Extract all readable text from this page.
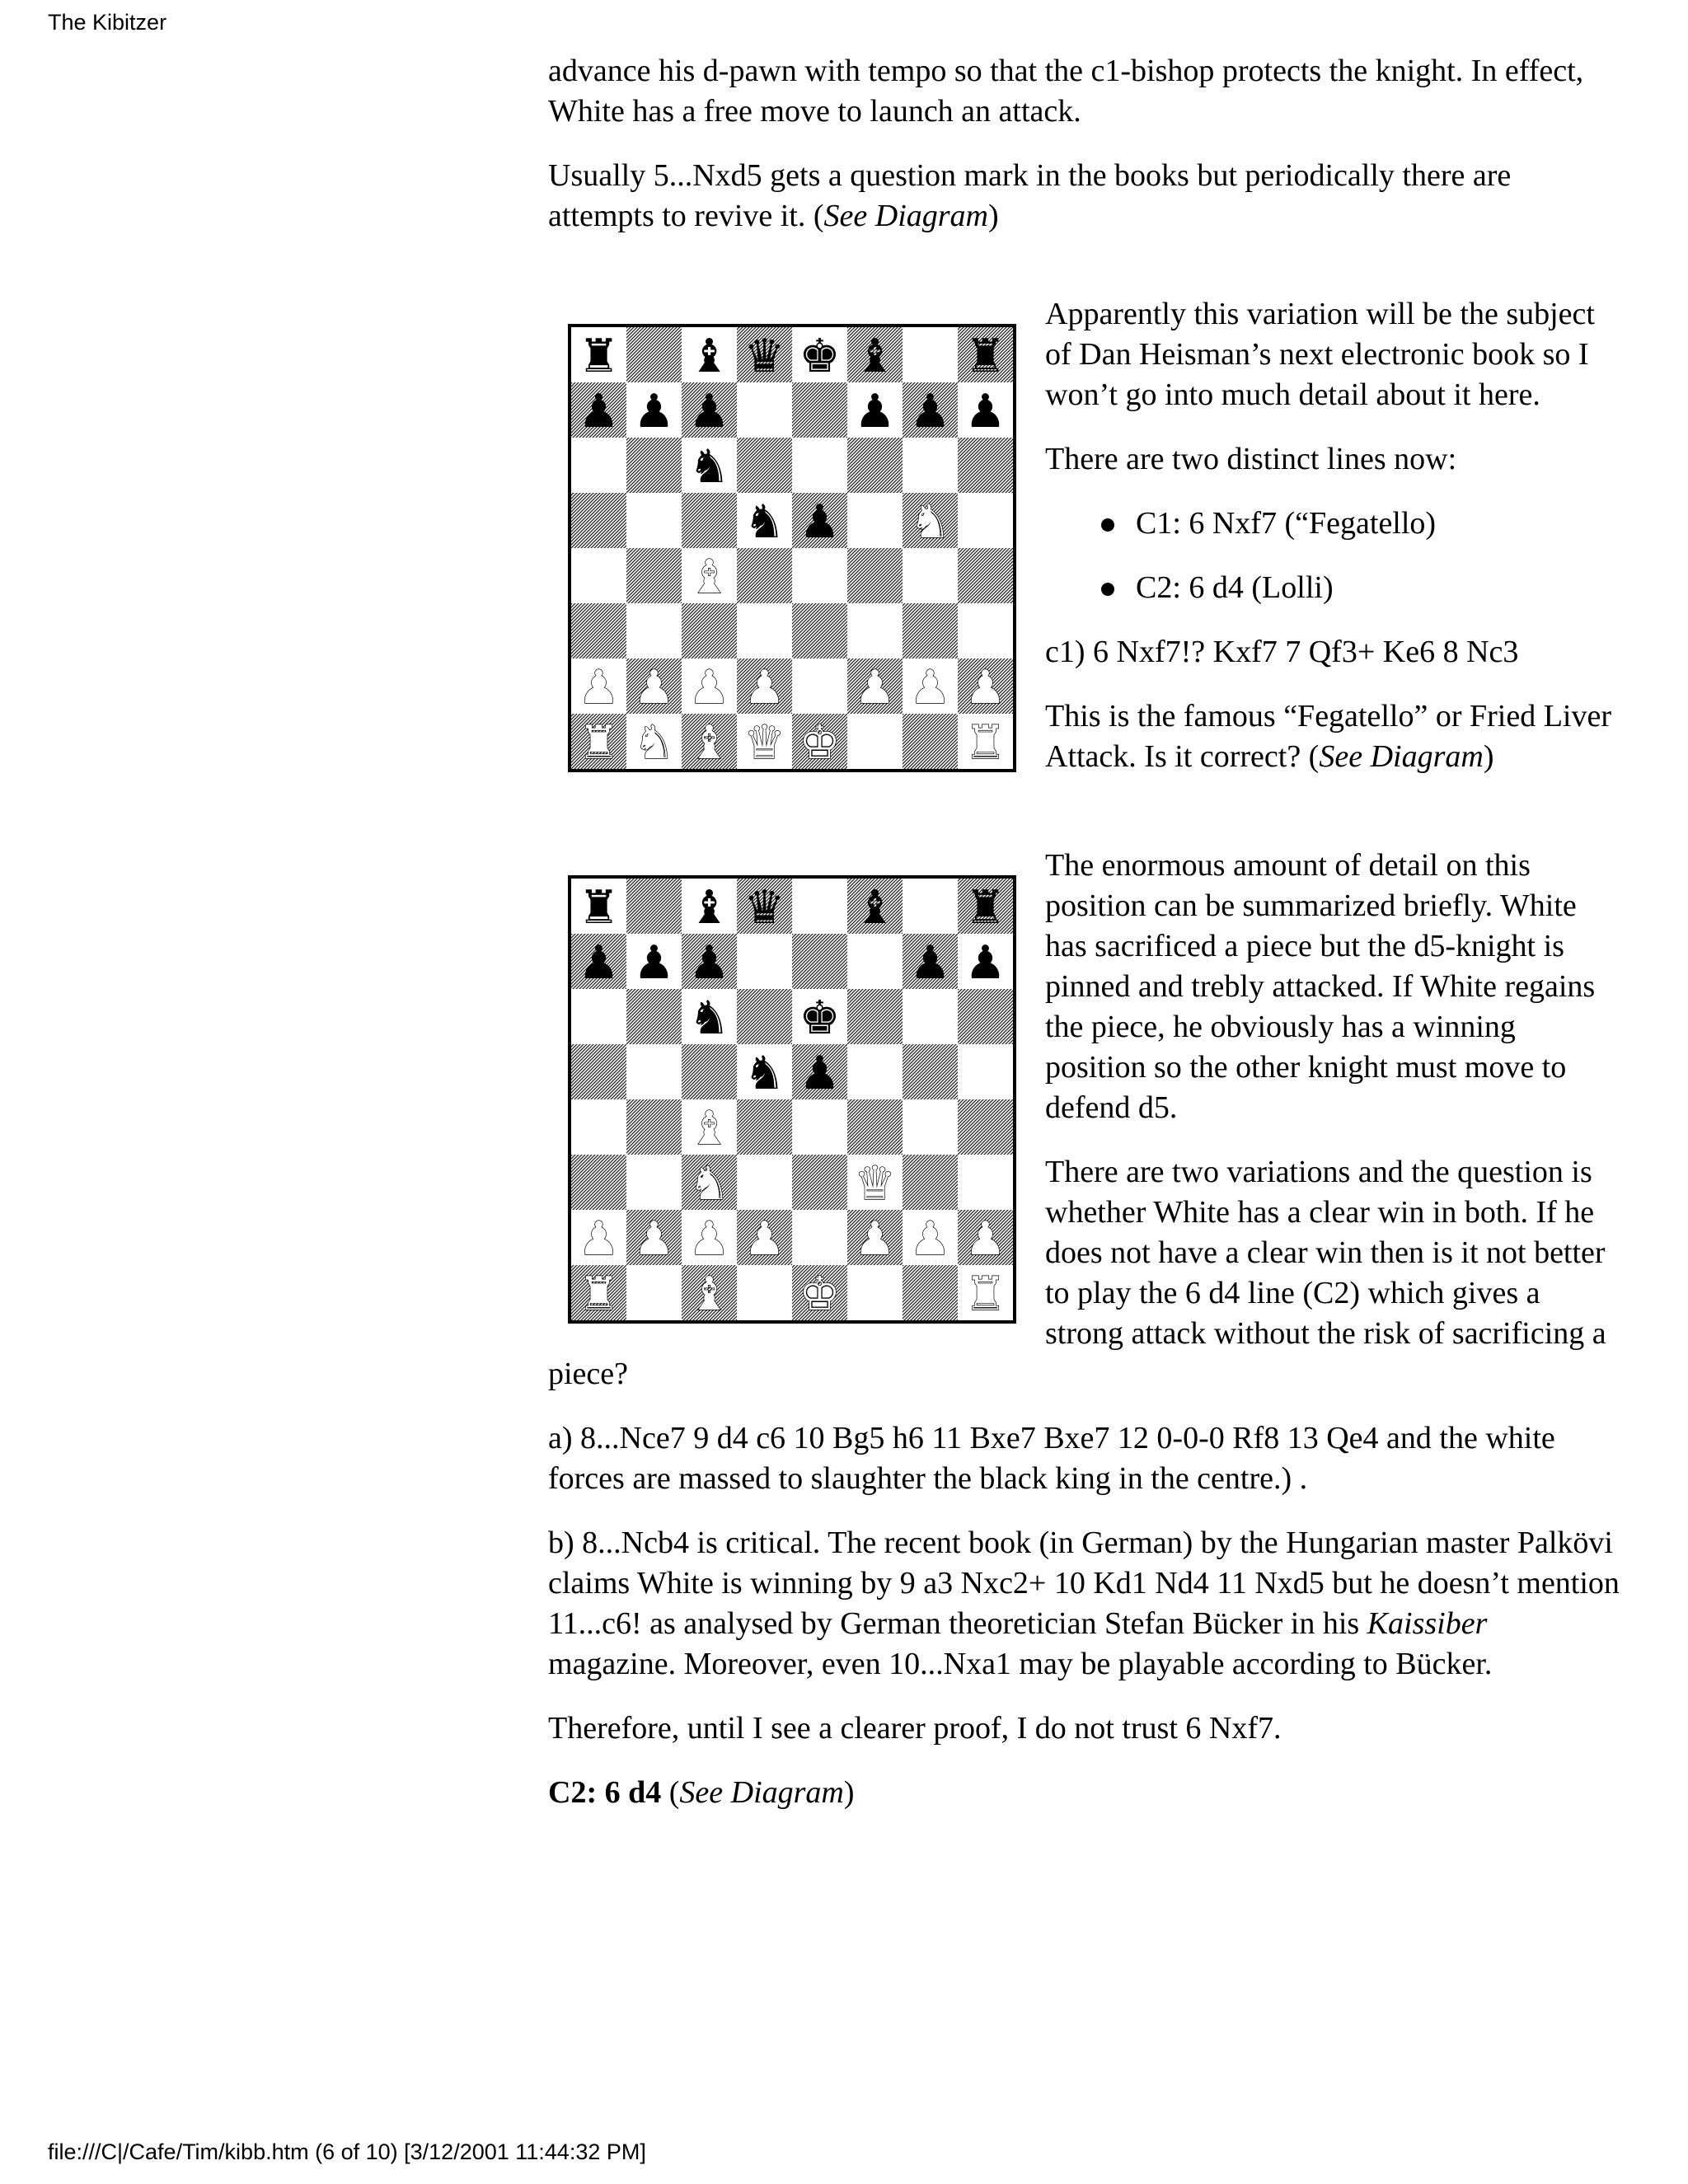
The Kibitzer

advance his d-pawn with tempo so that the c1-bishop protects the knight. In effect, White has a free move to launch an attack.

Usually 5...Nxd5 gets a question mark in the books but periodically there are attempts to revive it. (See Diagram)

♜ ♝ ♛ ♚ ♝ ♜
♟ ♟ ♟	♟ ♟ ♟
♞
♞ ♟ ♞
♝
♟ ♟ ♟ ♟ ♟ ♟ ♟
♜ ♞ ♝ ♛ ♚	♜

Apparently this variation will be the subject of Dan Heisman’s next electronic book so I won’t go into much detail about it here.

There are two distinct lines now:

C1: 6 Nxf7 (“Fegatello)
C2: 6 d4 (Lolli)

c1) 6 Nxf7!? Kxf7 7 Qf3+ Ke6 8 Nc3

This is the famous “Fegatello” or Fried Liver Attack. Is it correct? (See Diagram)

♜ ♝ ♛ ♝ ♜
♟ ♟ ♟	♟ ♟
♞ ♚
♞ ♟
♝
♞	♛
♟ ♟ ♟ ♟ ♟ ♟ ♟
♜ ♝ ♚	♜

The enormous amount of detail on this position can be summarized briefly. White has sacrificed a piece but the d5-knight is pinned and trebly attacked. If White regains the piece, he obviously has a winning position so the other knight must move to defend d5.

There are two variations and the question is whether White has a clear win in both. If he does not have a clear win then is it not better to play the 6 d4 line (C2) which gives a strong attack without the risk of sacrificing a piece?

a) 8...Nce7 9 d4 c6 10 Bg5 h6 11 Bxe7 Bxe7 12 0-0-0 Rf8 13 Qe4 and the white forces are massed to slaughter the black king in the centre.) .

b) 8...Ncb4 is critical. The recent book (in German) by the Hungarian master Palkövi claims White is winning by 9 a3 Nxc2+ 10 Kd1 Nd4 11 Nxd5 but he doesn’t mention 11...c6! as analysed by German theoretician Stefan Bücker in his Kaissiber magazine. Moreover, even 10...Nxa1 may be playable according to Bücker.

Therefore, until I see a clearer proof, I do not trust 6 Nxf7.

C2: 6 d4 (See Diagram)

file:///C|/Cafe/Tim/kibb.htm (6 of 10) [3/12/2001 11:44:32 PM]
